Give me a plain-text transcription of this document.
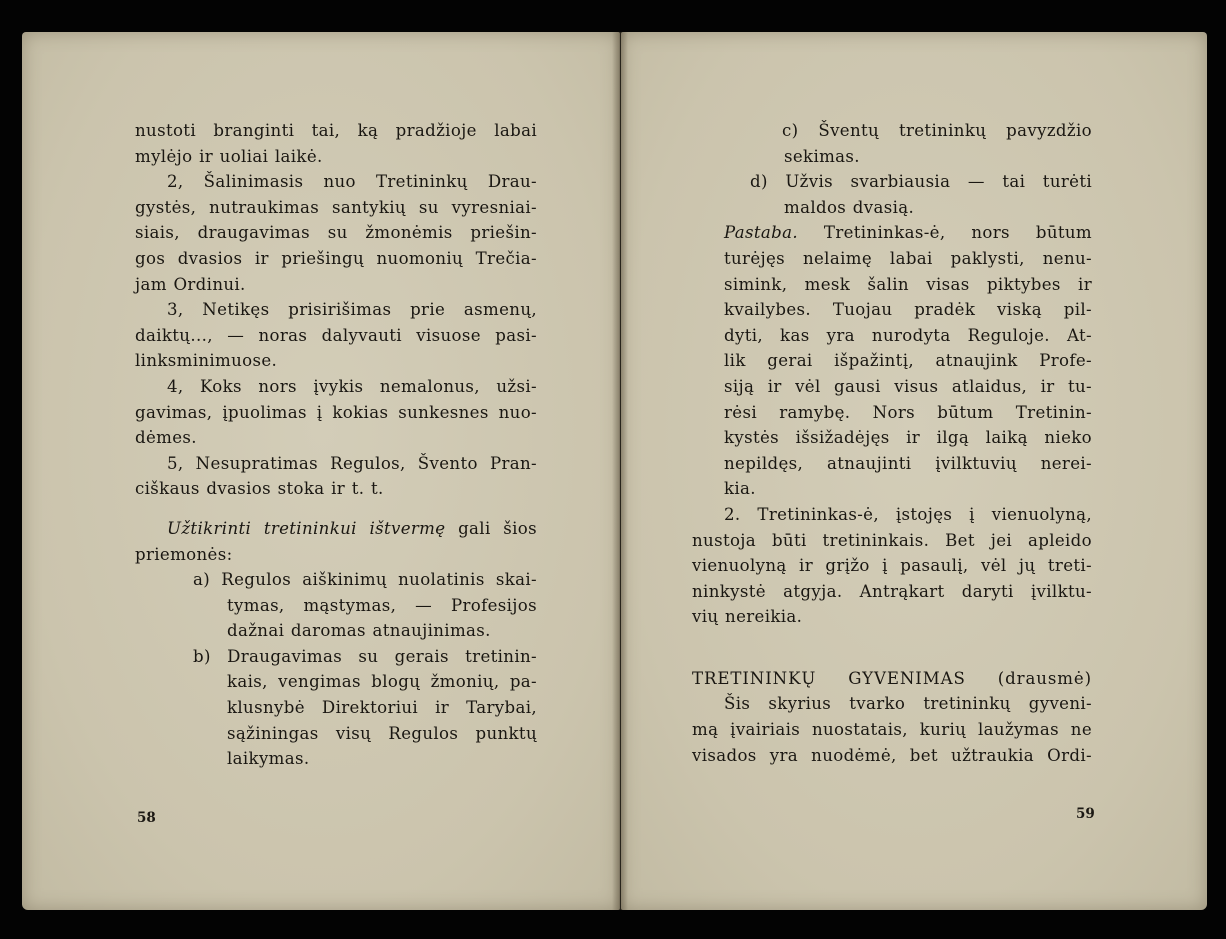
nustoti branginti tai, ką pradžioje labai
mylėjo ir uoliai laikė.
2, Šalinimasis nuo Tretininkų Drau-
gystės, nutraukimas santykių su vyresniai-
siais, draugavimas su žmonėmis priešin-
gos dvasios ir priešingų nuomonių Trečia-
jam Ordinui.
3, Netikęs prisirišimas prie asmenų,
daiktų..., — noras dalyvauti visuose pasi-
linksminimuose.
4, Koks nors įvykis nemalonus, užsi-
gavimas, įpuolimas į kokias sunkesnes nuo-
dėmes.
5, Nesupratimas Regulos, Švento Pran-
ciškaus dvasios stoka ir t. t.
Užtikrinti tretininkui ištvermę gali šios
priemonės:
a) Regulos aiškinimų nuolatinis skai-
tymas, mąstymas, — Profesijos
dažnai daromas atnaujinimas.
b) Draugavimas su gerais tretinin-
kais, vengimas blogų žmonių, pa-
klusnybė Direktoriui ir Tarybai,
sąžiningas visų Regulos punktų
laikymas.
c) Šventų tretininkų pavyzdžio
sekimas.
d) Užvis svarbiausia — tai turėti
maldos dvasią.
Pastaba. Tretininkas-ė, nors būtum
turėjęs nelaimę labai paklysti, nenu-
simink, mesk šalin visas piktybes ir
kvailybes. Tuojau pradėk viską pil-
dyti, kas yra nurodyta Reguloje. At-
lik gerai išpažintį, atnaujink Profe-
siją ir vėl gausi visus atlaidus, ir tu-
rėsi ramybę. Nors būtum Tretinin-
kystės išsižadėjęs ir ilgą laiką nieko
nepildęs, atnaujinti įvilktuvių nerei-
kia.
2. Tretininkas-ė, įstojęs į vienuolyną,
nustoja būti tretininkais. Bet jei apleido
vienuolyną ir grįžo į pasaulį, vėl jų treti-
ninkystė atgyja. Antrąkart daryti įvilktu-
vių nereikia.
TRETININKŲ GYVENIMAS (drausmė)
Šis skyrius tvarko tretininkų gyveni-
mą įvairiais nuostatais, kurių laužymas ne
visados yra nuodėmė, bet užtraukia Ordi-
58	59
